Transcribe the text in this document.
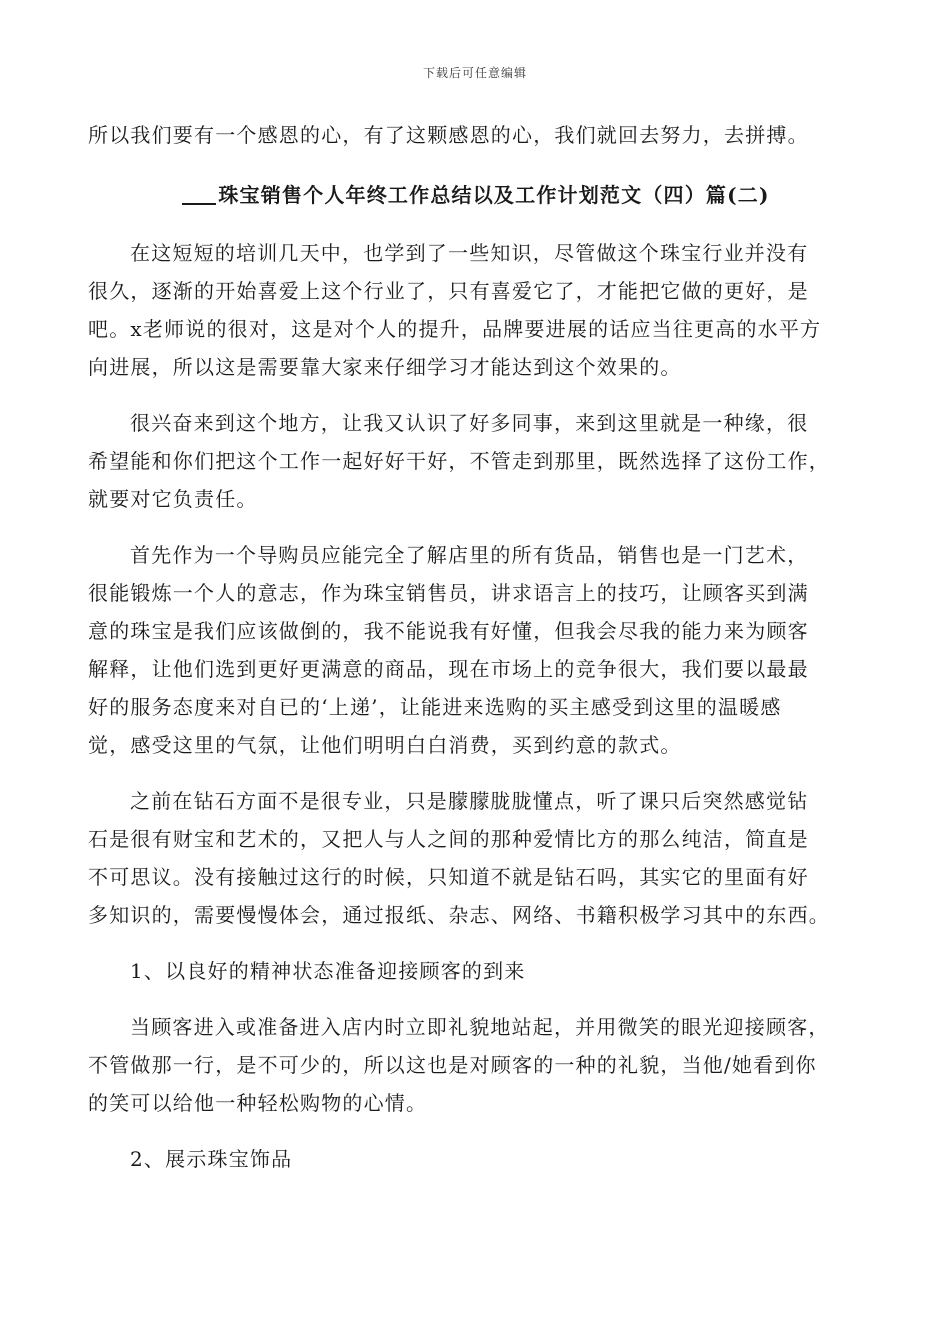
下载后可任意编辑

所以我们要有一个感恩的心，有了这颗感恩的心，我们就回去努力，去拼搏。

珠宝销售个人年终工作总结以及工作计划范文（四）篇(二)

在这短短的培训几天中，也学到了一些知识，尽管做这个珠宝行业并没有

很久，逐渐的开始喜爱上这个行业了，只有喜爱它了，才能把它做的更好，是

吧。x老师说的很对，这是对个人的提升，品牌要进展的话应当往更高的水平方

向进展，所以这是需要靠大家来仔细学习才能达到这个效果的。

很兴奋来到这个地方，让我又认识了好多同事，来到这里就是一种缘，很

希望能和你们把这个工作一起好好干好，不管走到那里，既然选择了这份工作，

就要对它负责任。

首先作为一个导购员应能完全了解店里的所有货品，销售也是一门艺术，

很能锻炼一个人的意志，作为珠宝销售员，讲求语言上的技巧，让顾客买到满

意的珠宝是我们应该做倒的，我不能说我有好懂，但我会尽我的能力来为顾客

解释，让他们选到更好更满意的商品，现在市场上的竞争很大，我们要以最最

好的服务态度来对自已的‘上递’，让能进来选购的买主感受到这里的温暖感

觉，感受这里的气氛，让他们明明白白消费，买到约意的款式。

之前在钻石方面不是很专业，只是朦朦胧胧懂点，听了课只后突然感觉钻

石是很有财宝和艺术的，又把人与人之间的那种爱情比方的那么纯洁，简直是

不可思议。没有接触过这行的时候，只知道不就是钻石吗，其实它的里面有好

多知识的，需要慢慢体会，通过报纸、杂志、网络、书籍积极学习其中的东西。

1、以良好的精神状态准备迎接顾客的到来

当顾客进入或准备进入店内时立即礼貌地站起，并用微笑的眼光迎接顾客，

不管做那一行，是不可少的，所以这也是对顾客的一种的礼貌，当他/她看到你

的笑可以给他一种轻松购物的心情。

2、展示珠宝饰品
